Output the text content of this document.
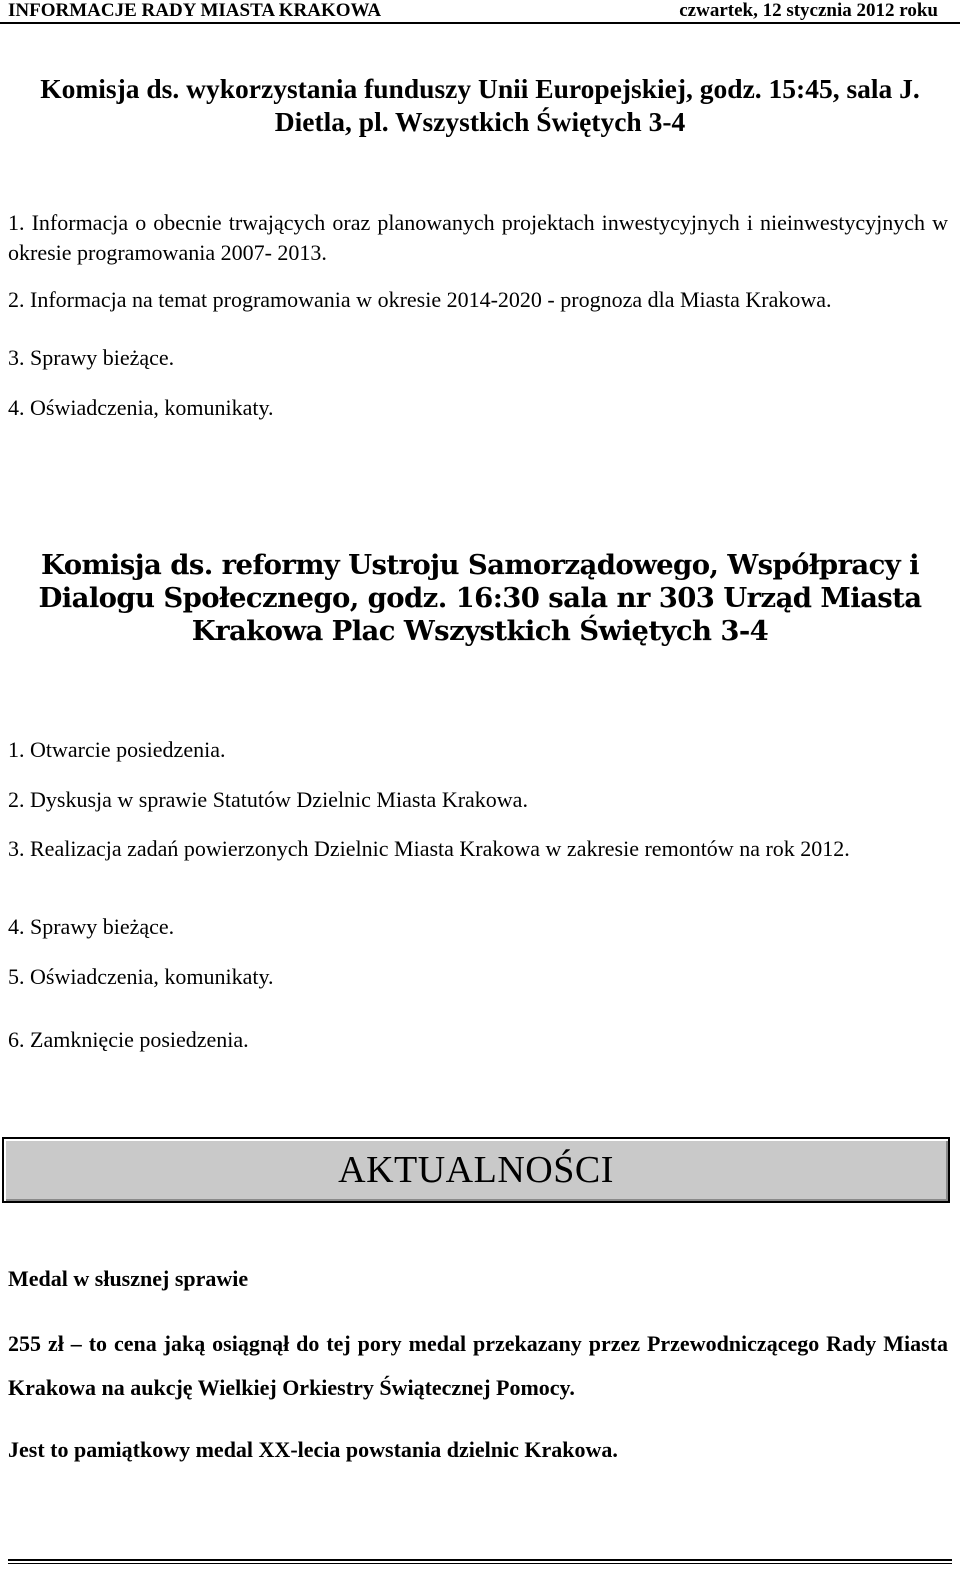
INFORMACJE RADY MIASTA KRAKOWA	czwartek, 12 stycznia 2012 roku
Komisja ds. wykorzystania funduszy Unii Europejskiej, godz. 15:45, sala J. Dietla, pl. Wszystkich Świętych 3-4

1. Informacja o obecnie trwających oraz planowanych projektach inwestycyjnych i nieinwestycyjnych w okresie programowania 2007- 2013.

2. Informacja na temat programowania w okresie 2014-2020 - prognoza dla Miasta Krakowa.

3. Sprawy bieżące.

4. Oświadczenia, komunikaty.

Komisja ds. reformy Ustroju Samorządowego, Współpracy i Dialogu Społecznego, godz. 16:30 sala nr 303 Urząd Miasta Krakowa Plac Wszystkich Świętych 3-4

1. Otwarcie posiedzenia.

2. Dyskusja w sprawie Statutów Dzielnic Miasta Krakowa.

3. Realizacja zadań powierzonych Dzielnic Miasta Krakowa w zakresie remontów na rok 2012.

4. Sprawy bieżące.

5. Oświadczenia, komunikaty.

6. Zamknięcie posiedzenia.

AKTUALNOŚCI
Medal w słusznej sprawie
255 zł – to cena jaką osiągnął do tej pory medal przekazany przez Przewodniczącego Rady Miasta Krakowa na aukcję Wielkiej Orkiestry Świątecznej Pomocy.
Jest to pamiątkowy medal XX-lecia powstania dzielnic Krakowa.
